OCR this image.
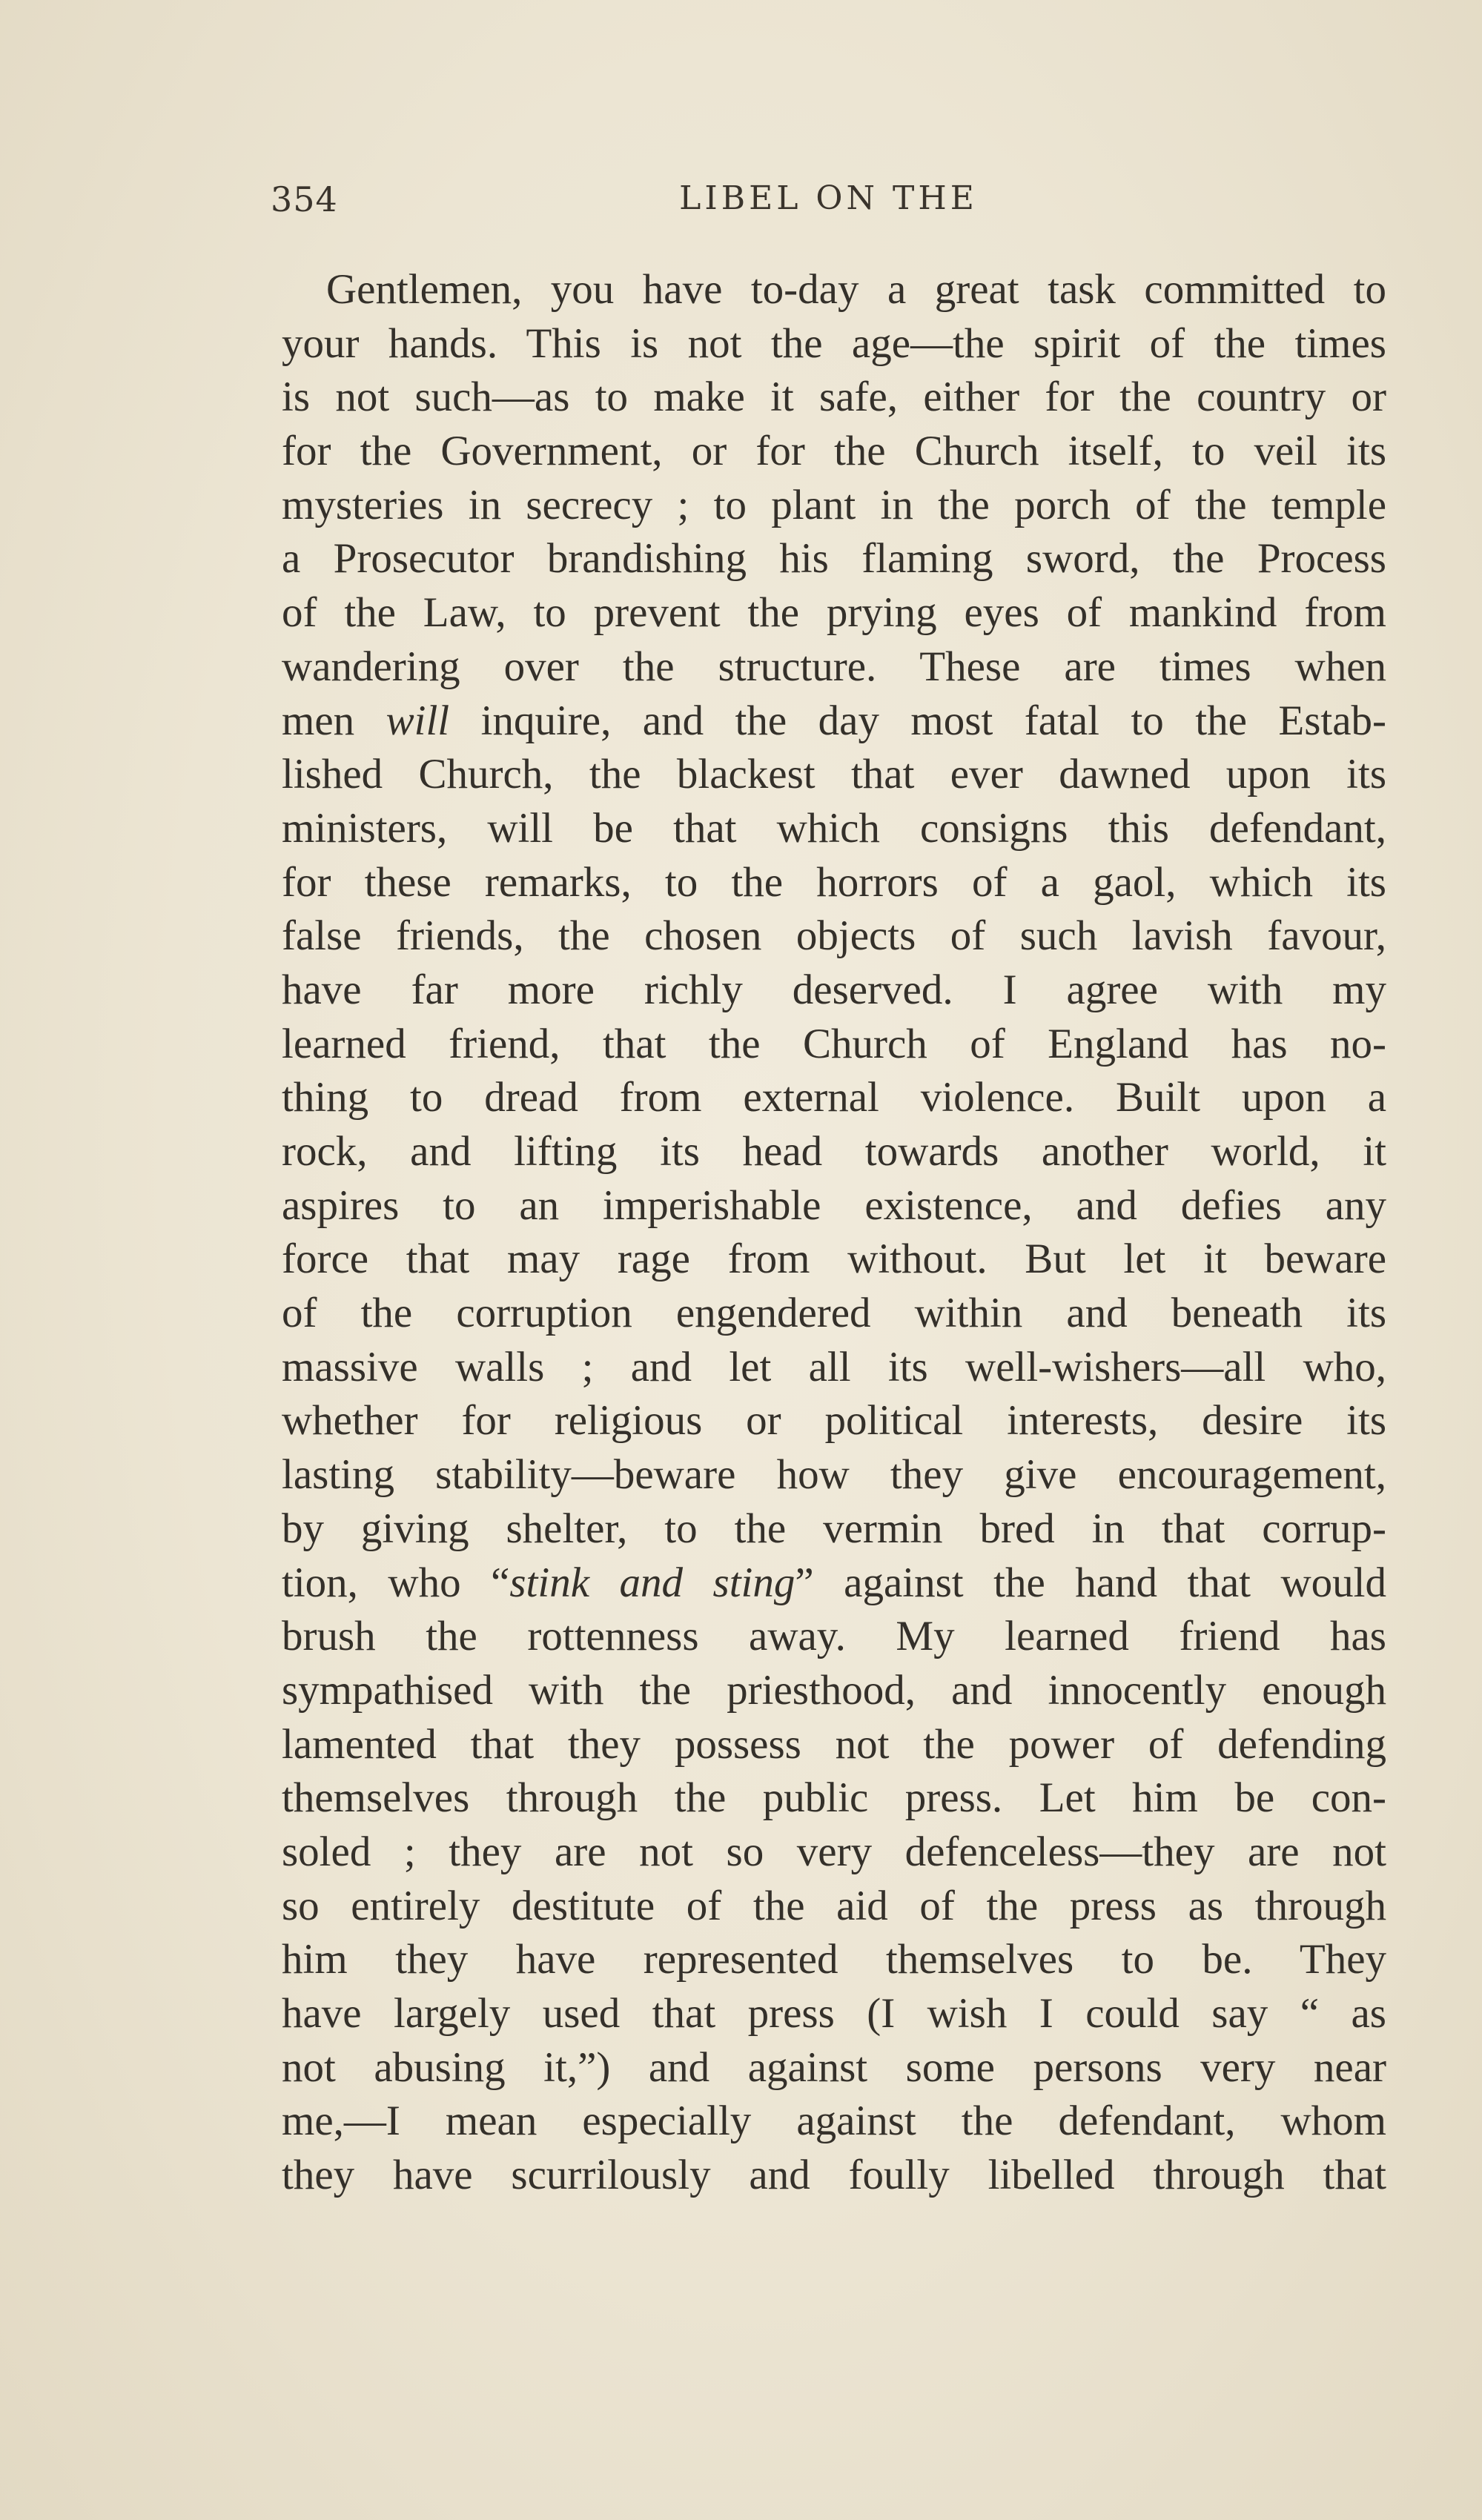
354	LIBEL ON THE
Gentlemen, you have to-day a great task committed to
your hands. This is not the age—the spirit of the times
is not such—as to make it safe, either for the country or
for the Government, or for the Church itself, to veil its
mysteries in secrecy ; to plant in the porch of the temple
a Prosecutor brandishing his flaming sword, the Process
of the Law, to prevent the prying eyes of mankind from
wandering over the structure. These are times when
men will inquire, and the day most fatal to the Estab-
lished Church, the blackest that ever dawned upon its
ministers, will be that which consigns this defendant,
for these remarks, to the horrors of a gaol, which its
false friends, the chosen objects of such lavish favour,
have far more richly deserved. I agree with my
learned friend, that the Church of England has no-
thing to dread from external violence. Built upon a
rock, and lifting its head towards another world, it
aspires to an imperishable existence, and defies any
force that may rage from without. But let it beware
of the corruption engendered within and beneath its
massive walls ; and let all its well-wishers—all who,
whether for religious or political interests, desire its
lasting stability—beware how they give encouragement,
by giving shelter, to the vermin bred in that corrup-
tion, who “stink and sting” against the hand that would
brush the rottenness away. My learned friend has
sympathised with the priesthood, and innocently enough
lamented that they possess not the power of defending
themselves through the public press. Let him be con-
soled ; they are not so very defenceless—they are not
so entirely destitute of the aid of the press as through
him they have represented themselves to be. They
have largely used that press (I wish I could say “ as
not abusing it,”) and against some persons very near
me,—I mean especially against the defendant, whom
they have scurrilously and foully libelled through that
